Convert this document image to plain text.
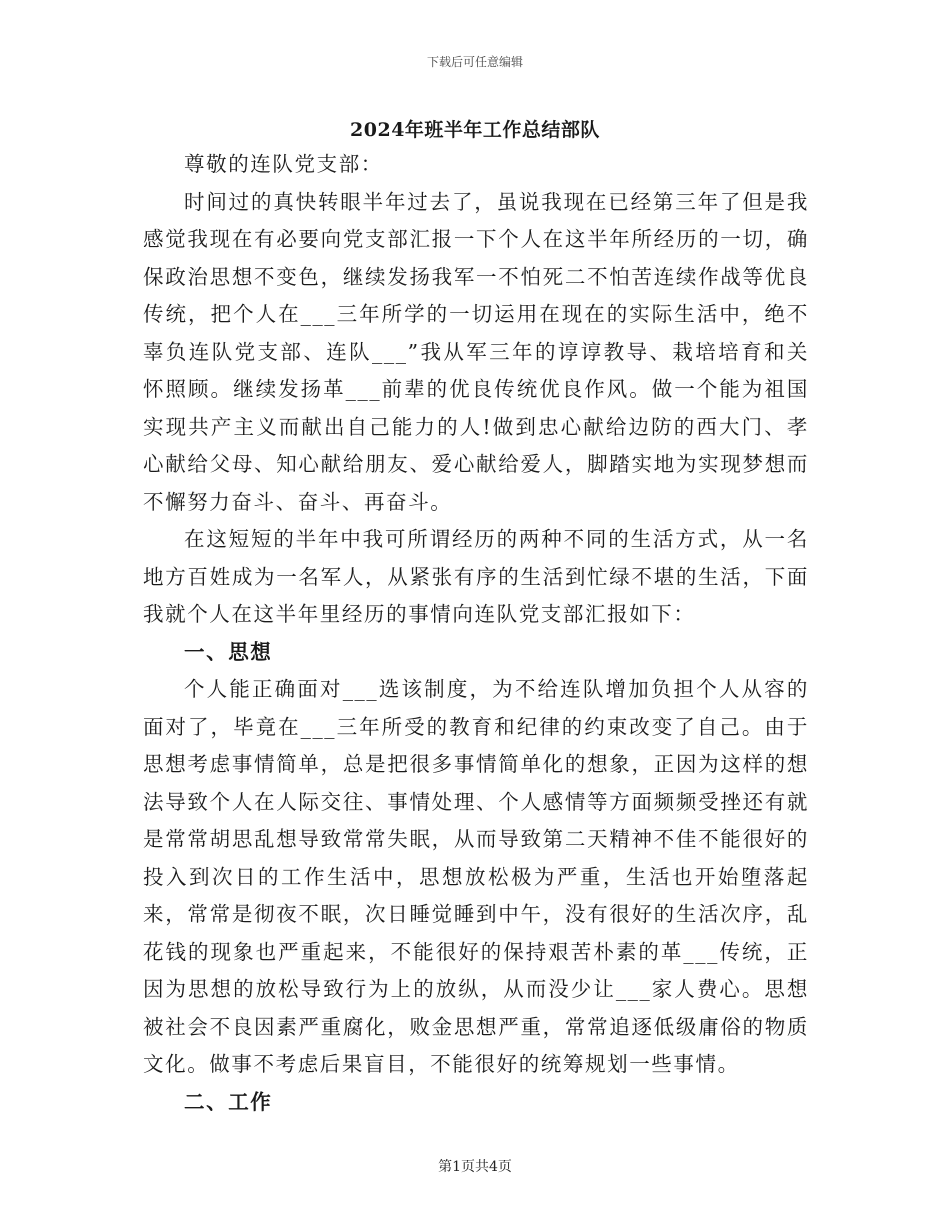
下载后可任意编辑
2024年班半年工作总结部队

尊敬的连队党支部：

时间过的真快转眼半年过去了，虽说我现在已经第三年了但是我感觉我现在有必要向党支部汇报一下个人在这半年所经历的一切，确保政治思想不变色，继续发扬我军一不怕死二不怕苦连续作战等优良传统，把个人在___三年所学的一切运用在现在的实际生活中，绝不辜负连队党支部、连队___”我从军三年的谆谆教导、栽培培育和关怀照顾。继续发扬革___前辈的优良传统优良作风。做一个能为祖国实现共产主义而献出自己能力的人!做到忠心献给边防的西大门、孝心献给父母、知心献给朋友、爱心献给爱人，脚踏实地为实现梦想而不懈努力奋斗、奋斗、再奋斗。

在这短短的半年中我可所谓经历的两种不同的生活方式，从一名地方百姓成为一名军人，从紧张有序的生活到忙绿不堪的生活，下面我就个人在这半年里经历的事情向连队党支部汇报如下：

一、思想

个人能正确面对___选该制度，为不给连队增加负担个人从容的面对了，毕竟在___三年所受的教育和纪律的约束改变了自己。由于思想考虑事情简单，总是把很多事情简单化的想象，正因为这样的想法导致个人在人际交往、事情处理、个人感情等方面频频受挫还有就是常常胡思乱想导致常常失眠，从而导致第二天精神不佳不能很好的投入到次日的工作生活中，思想放松极为严重，生活也开始堕落起来，常常是彻夜不眠，次日睡觉睡到中午，没有很好的生活次序，乱花钱的现象也严重起来，不能很好的保持艰苦朴素的革___传统，正因为思想的放松导致行为上的放纵，从而没少让___家人费心。思想被社会不良因素严重腐化，败金思想严重，常常追逐低级庸俗的物质文化。做事不考虑后果盲目，不能很好的统筹规划一些事情。

二、工作
第1页共4页
